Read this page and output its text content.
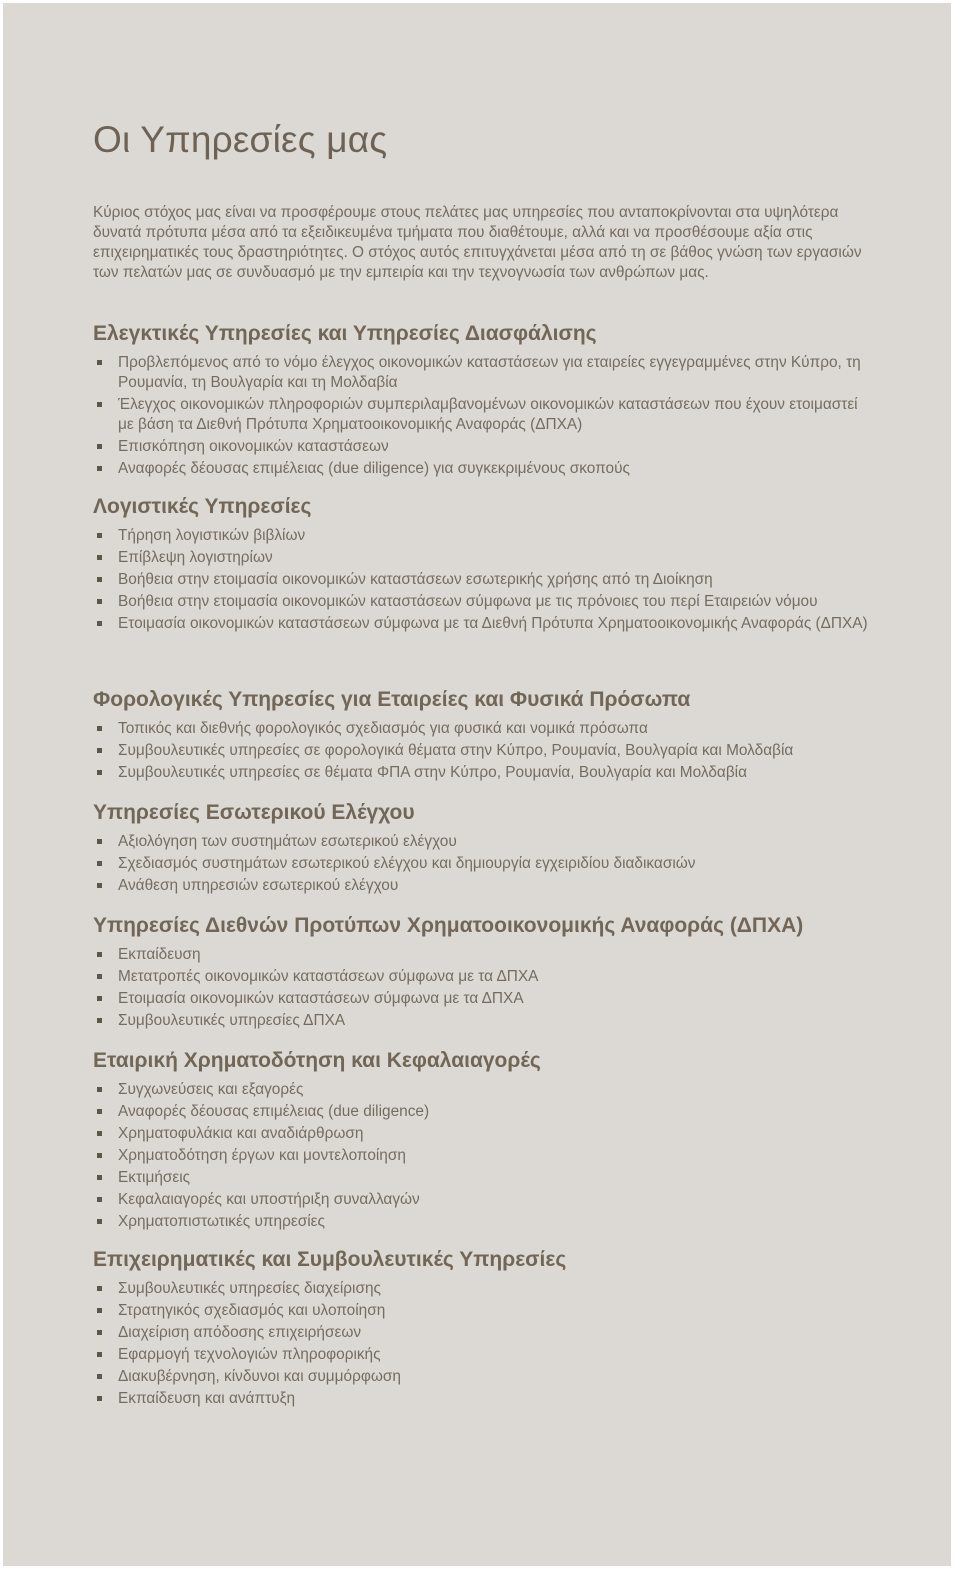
Οι Υπηρεσίες μας

Κύριος στόχος μας είναι να προσφέρουμε στους πελάτες μας υπηρεσίες που ανταποκρίνονται στα υψηλότερα δυνατά πρότυπα μέσα από τα εξειδικευμένα τμήματα που διαθέτουμε, αλλά και να προσθέσουμε αξία στις επιχειρηματικές τους δραστηριότητες. Ο στόχος αυτός επιτυγχάνεται μέσα από τη σε βάθος γνώση των εργασιών των πελατών μας σε συνδυασμό με την εμπειρία και την τεχνογνωσία των ανθρώπων μας.

Ελεγκτικές Υπηρεσίες και Υπηρεσίες Διασφάλισης
Προβλεπόμενος από το νόμο έλεγχος οικονομικών καταστάσεων για εταιρείες εγγεγραμμένες στην Κύπρο, τη Ρουμανία, τη Βουλγαρία και τη Μολδαβία
Έλεγχος οικονομικών πληροφοριών συμπεριλαμβανομένων οικονομικών καταστάσεων που έχουν ετοιμαστεί με βάση τα Διεθνή Πρότυπα Χρηματοοικονομικής Αναφοράς (ΔΠΧΑ)
Επισκόπηση οικονομικών καταστάσεων
Αναφορές δέουσας επιμέλειας (due diligence) για συγκεκριμένους σκοπούς
Λογιστικές Υπηρεσίες
Τήρηση λογιστικών βιβλίων
Επίβλεψη λογιστηρίων
Βοήθεια στην ετοιμασία οικονομικών καταστάσεων εσωτερικής χρήσης από τη Διοίκηση
Βοήθεια στην ετοιμασία οικονομικών καταστάσεων σύμφωνα με τις πρόνοιες του περί Εταιρειών νόμου
Ετοιμασία οικονομικών καταστάσεων σύμφωνα με τα Διεθνή Πρότυπα Χρηματοοικονομικής Αναφοράς (ΔΠΧΑ)
Φορολογικές Υπηρεσίες για Εταιρείες και Φυσικά Πρόσωπα
Τοπικός και διεθνής φορολογικός σχεδιασμός για φυσικά και νομικά πρόσωπα
Συμβουλευτικές υπηρεσίες σε φορολογικά θέματα στην Κύπρο, Ρουμανία, Βουλγαρία και Μολδαβία
Συμβουλευτικές υπηρεσίες σε θέματα ΦΠΑ στην Κύπρο, Ρουμανία, Βουλγαρία και Μολδαβία
Υπηρεσίες Εσωτερικού Ελέγχου
Αξιολόγηση των συστημάτων εσωτερικού ελέγχου
Σχεδιασμός συστημάτων εσωτερικού ελέγχου και δημιουργία εγχειριδίου διαδικασιών
Ανάθεση υπηρεσιών εσωτερικού ελέγχου
Υπηρεσίες Διεθνών Προτύπων Χρηματοοικονομικής Αναφοράς (ΔΠΧΑ)
Εκπαίδευση
Μετατροπές οικονομικών καταστάσεων σύμφωνα με τα ΔΠΧΑ
Ετοιμασία οικονομικών καταστάσεων σύμφωνα με τα ΔΠΧΑ
Συμβουλευτικές υπηρεσίες ΔΠΧΑ
Εταιρική Χρηματοδότηση και Κεφαλαιαγορές
Συγχωνεύσεις και εξαγορές
Αναφορές δέουσας επιμέλειας (due diligence)
Χρηματοφυλάκια και αναδιάρθρωση
Χρηματοδότηση έργων και μοντελοποίηση
Εκτιμήσεις
Κεφαλαιαγορές και υποστήριξη συναλλαγών
Χρηματοπιστωτικές υπηρεσίες
Επιχειρηματικές και Συμβουλευτικές Υπηρεσίες
Συμβουλευτικές υπηρεσίες διαχείρισης
Στρατηγικός σχεδιασμός και υλοποίηση
Διαχείριση απόδοσης επιχειρήσεων
Εφαρμογή τεχνολογιών πληροφορικής
Διακυβέρνηση, κίνδυνοι και συμμόρφωση
Εκπαίδευση και ανάπτυξη
